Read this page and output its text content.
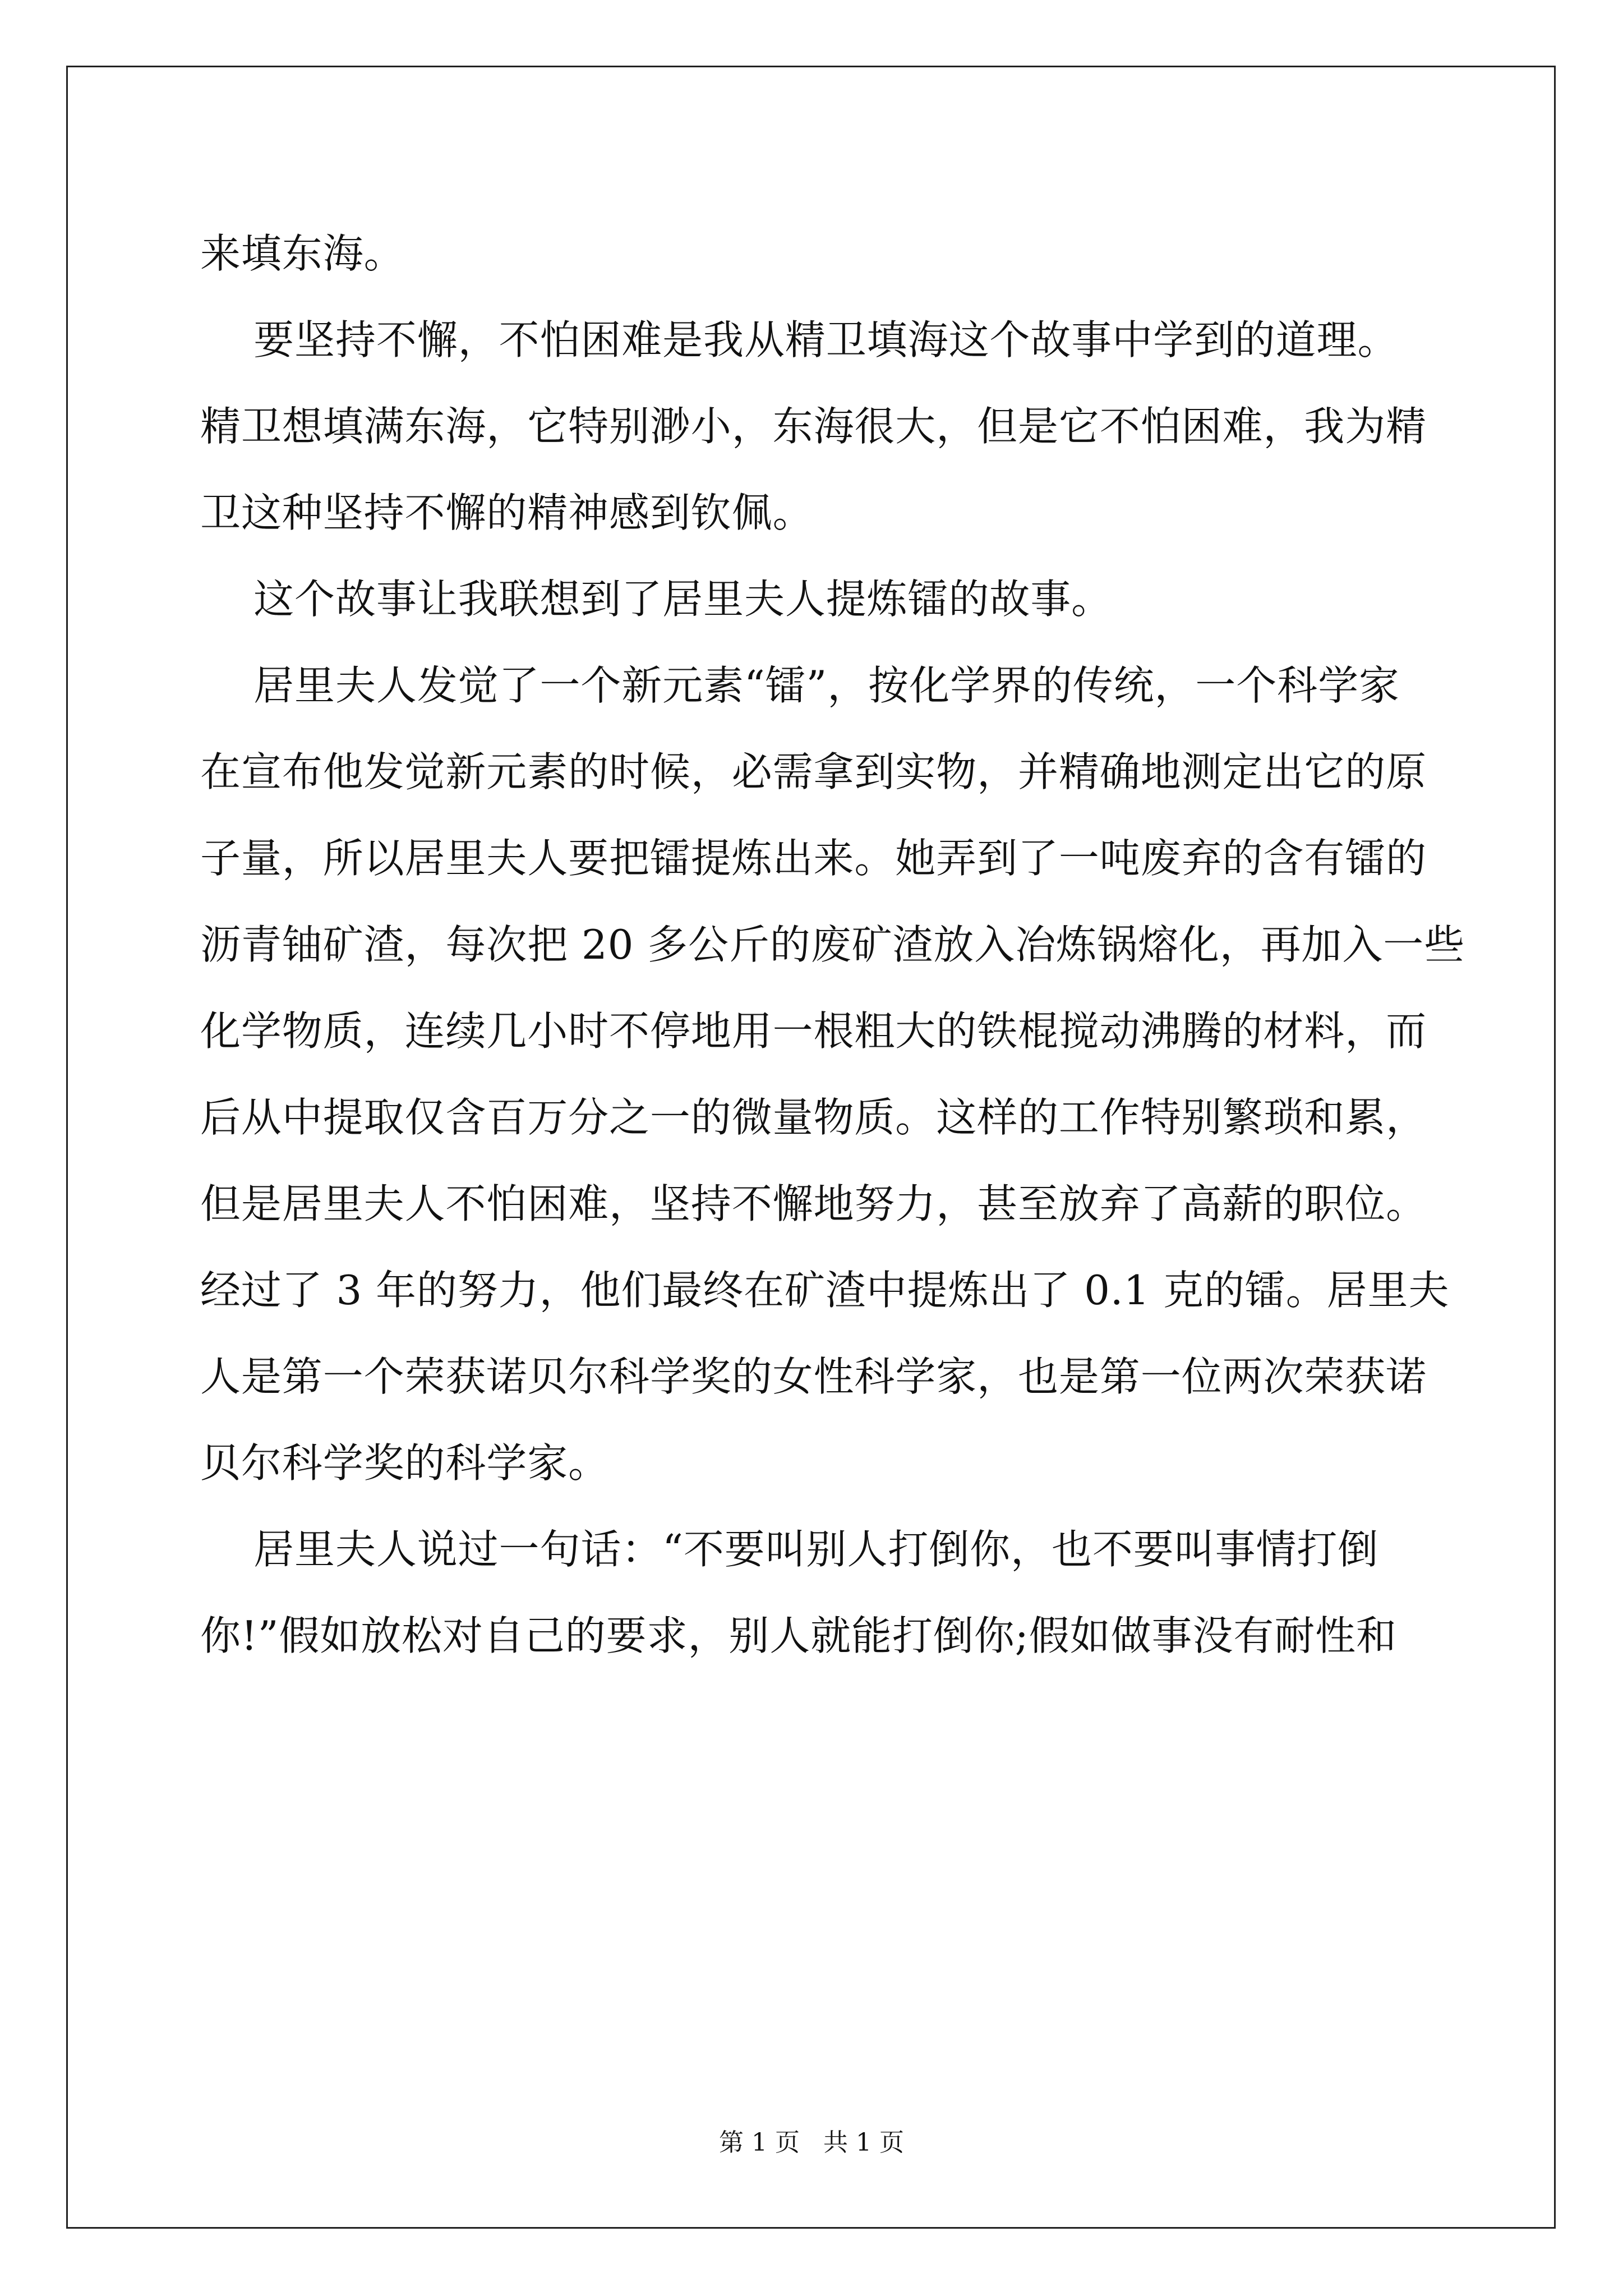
来填东海。
要坚持不懈，不怕困难是我从精卫填海这个故事中学到的道理。
精卫想填满东海，它特别渺小，东海很大，但是它不怕困难，我为精
卫这种坚持不懈的精神感到钦佩。
这个故事让我联想到了居里夫人提炼镭的故事。
居里夫人发觉了一个新元素“镭”，按化学界的传统，一个科学家
在宣布他发觉新元素的时候，必需拿到实物，并精确地测定出它的原
子量，所以居里夫人要把镭提炼出来。她弄到了一吨废弃的含有镭的
沥青铀矿渣，每次把 20 多公斤的废矿渣放入冶炼锅熔化，再加入一些
化学物质，连续几小时不停地用一根粗大的铁棍搅动沸腾的材料，而
后从中提取仅含百万分之一的微量物质。这样的工作特别繁琐和累，
但是居里夫人不怕困难，坚持不懈地努力，甚至放弃了高薪的职位。
经过了 3 年的努力，他们最终在矿渣中提炼出了 0.1 克的镭。居里夫
人是第一个荣获诺贝尔科学奖的女性科学家，也是第一位两次荣获诺
贝尔科学奖的科学家。
居里夫人说过一句话：“不要叫别人打倒你，也不要叫事情打倒
你!”假如放松对自己的要求，别人就能打倒你;假如做事没有耐性和
第 1 页   共 1 页
